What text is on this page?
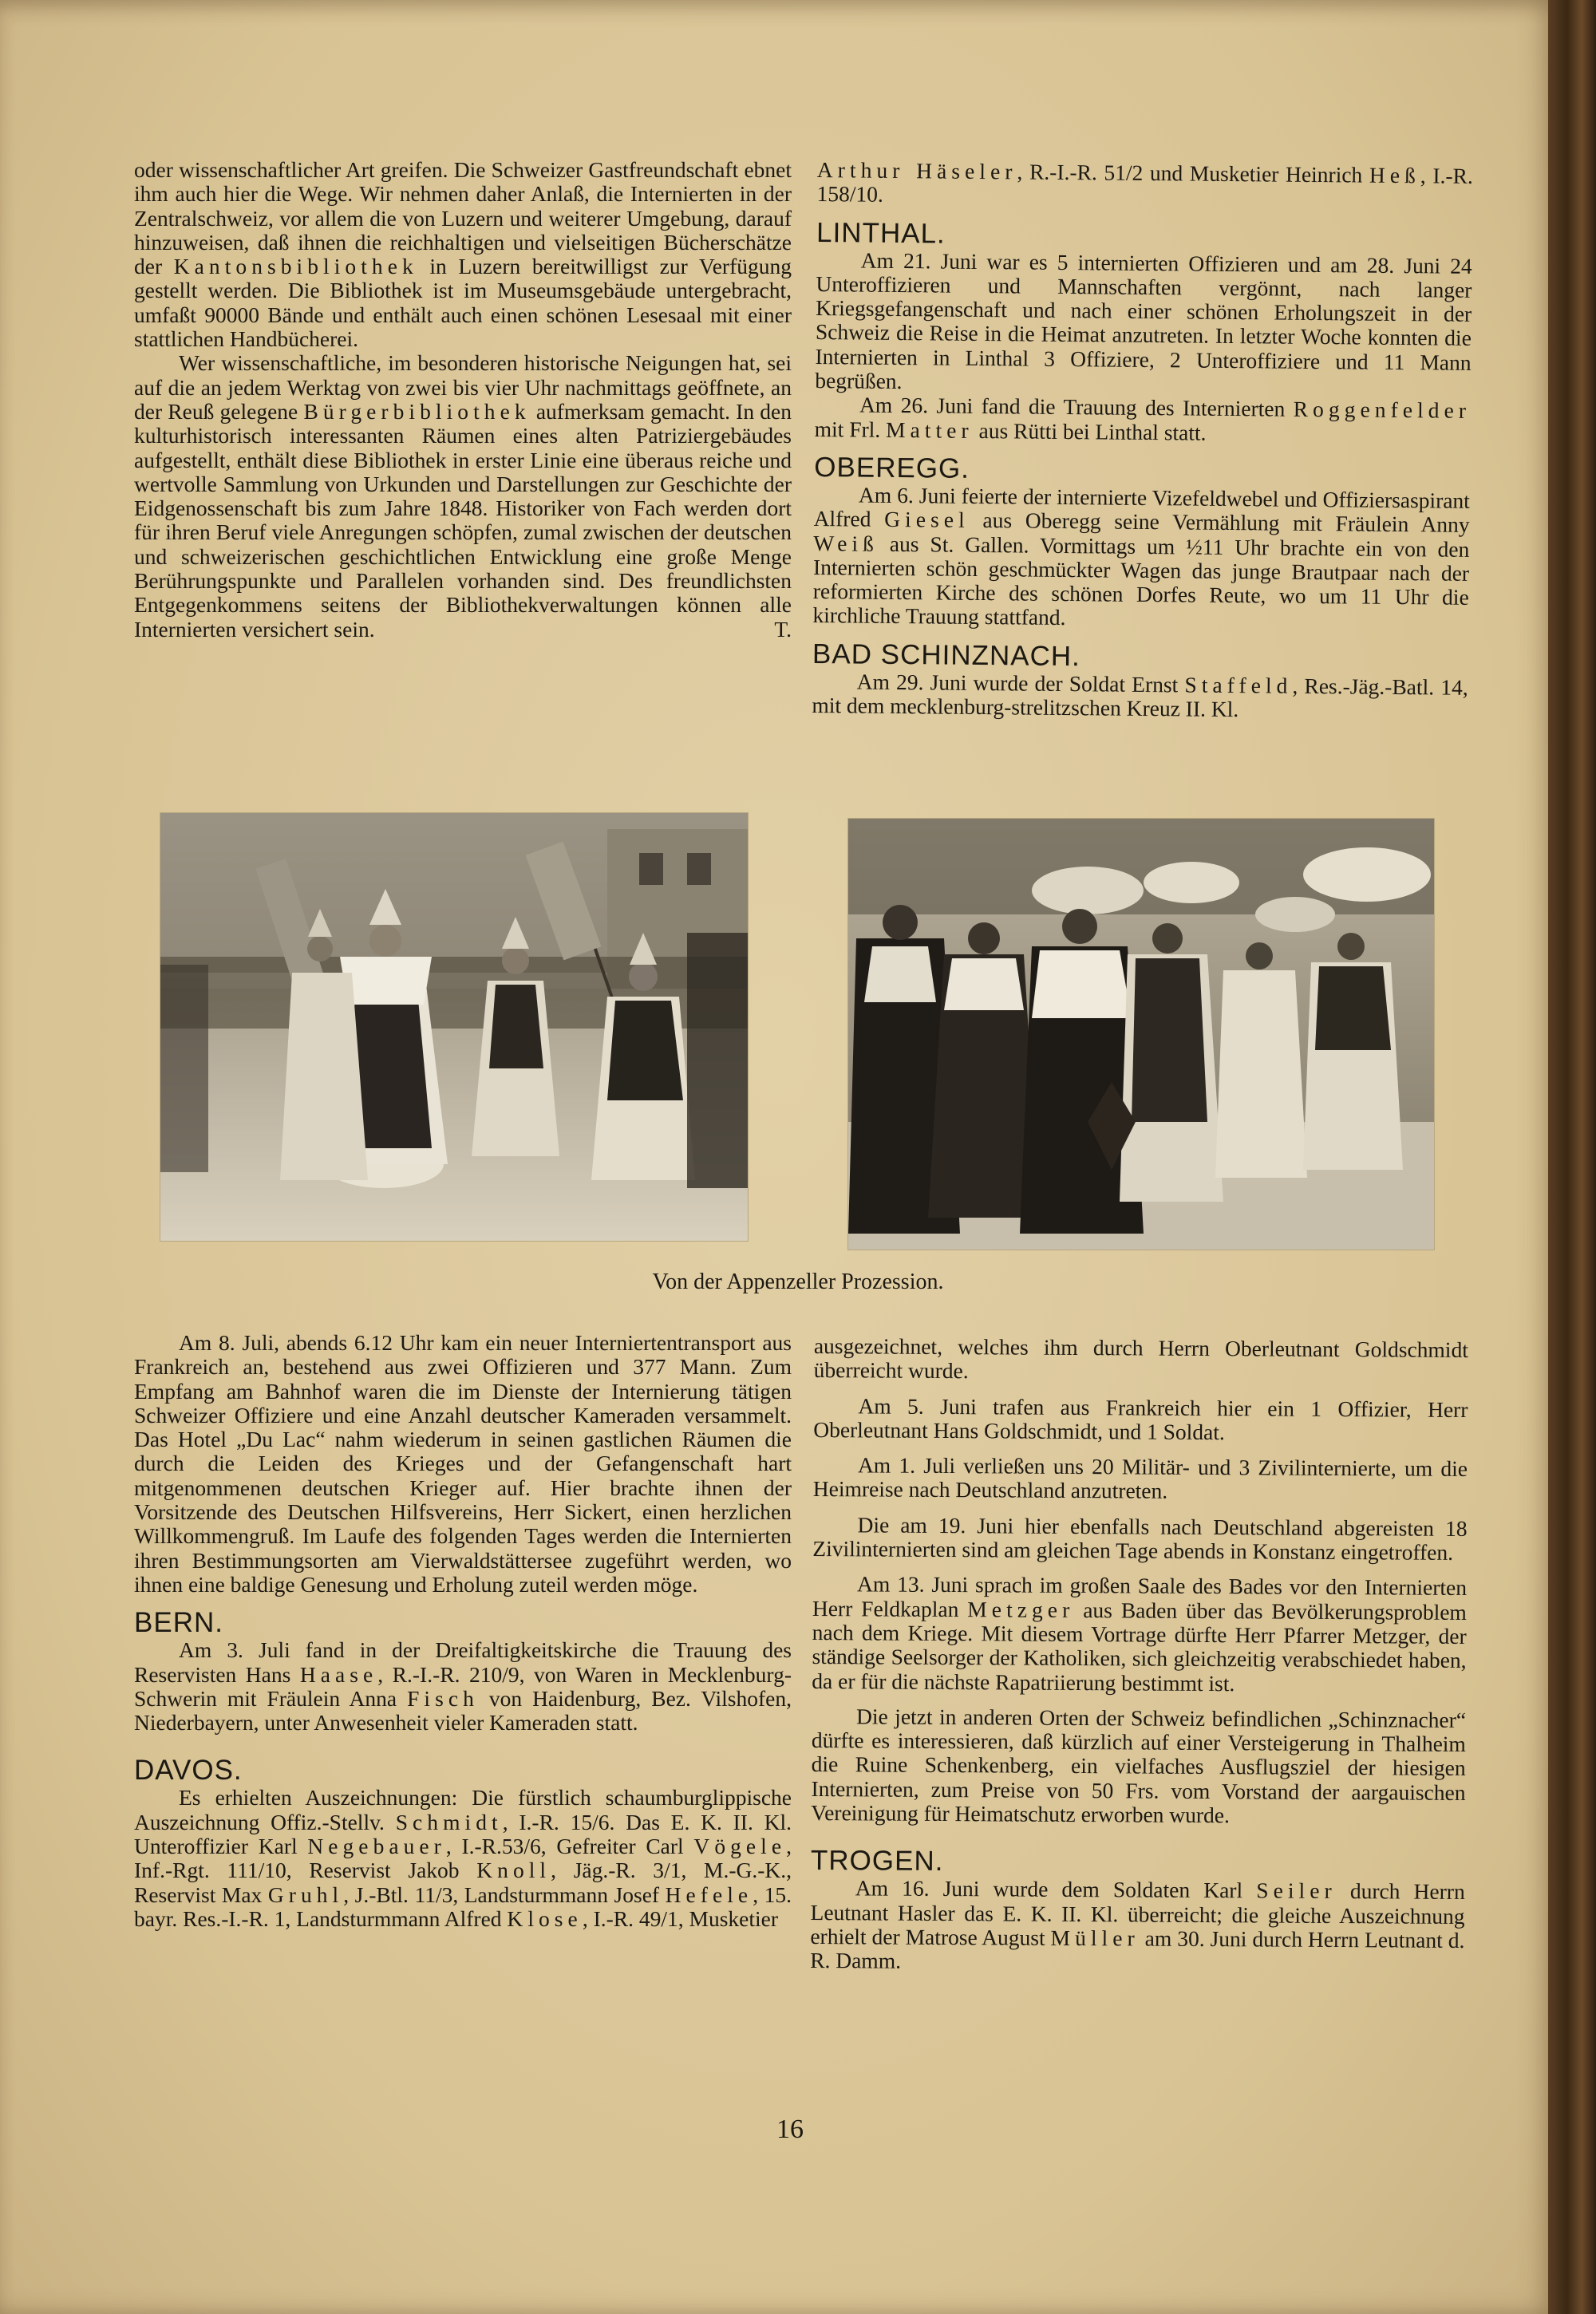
oder wissenschaftlicher Art greifen. Die Schweizer Gastfreundschaft ebnet ihm auch hier die Wege. Wir nehmen daher Anlaß, die Internierten in der Zentralschweiz, vor allem die von Luzern und weiterer Umgebung, darauf hinzuweisen, daß ihnen die reichhaltigen und vielseitigen Bücherschätze der Kantonsbibliothek in Luzern bereitwilligst zur Verfügung gestellt werden. Die Bibliothek ist im Museumsgebäude untergebracht, umfaßt 90000 Bände und enthält auch einen schönen Lesesaal mit einer stattlichen Handbücherei.

Wer wissenschaftliche, im besonderen historische Neigungen hat, sei auf die an jedem Werktag von zwei bis vier Uhr nachmittags geöffnete, an der Reuß gelegene Bürgerbibliothek aufmerksam gemacht. In den kulturhistorisch interessanten Räumen eines alten Patriziergebäudes aufgestellt, enthält diese Bibliothek in erster Linie eine überaus reiche und wertvolle Sammlung von Urkunden und Darstellungen zur Geschichte der Eidgenossenschaft bis zum Jahre 1848. Historiker von Fach werden dort für ihren Beruf viele Anregungen schöpfen, zumal zwischen der deutschen und schweizerischen geschichtlichen Entwicklung eine große Menge Berührungspunkte und Parallelen vorhanden sind. Des freundlichsten Entgegenkommens seitens der Bibliothekverwaltungen können alle Internierten versichert sein.	T.

Arthur Häseler, R.-I.-R. 51/2 und Musketier Heinrich Heß, I.-R. 158/10.

LINTHAL.

Am 21. Juni war es 5 internierten Offizieren und am 28. Juni 24 Unteroffizieren und Mannschaften vergönnt, nach langer Kriegsgefangenschaft und nach einer schönen Erholungszeit in der Schweiz die Reise in die Heimat anzutreten. In letzter Woche konnten die Internierten in Linthal 3 Offiziere, 2 Unteroffiziere und 11 Mann begrüßen.

Am 26. Juni fand die Trauung des Internierten Roggenfelder mit Frl. Matter aus Rütti bei Linthal statt.

OBEREGG.

Am 6. Juni feierte der internierte Vizefeldwebel und Offiziersaspirant Alfred Giesel aus Oberegg seine Vermählung mit Fräulein Anny Weiß aus St. Gallen. Vormittags um ½11 Uhr brachte ein von den Internierten schön geschmückter Wagen das junge Brautpaar nach der reformierten Kirche des schönen Dorfes Reute, wo um 11 Uhr die kirchliche Trauung stattfand.

BAD SCHINZNACH.

Am 29. Juni wurde der Soldat Ernst Staffeld, Res.-Jäg.-Batl. 14, mit dem mecklenburg-strelitzschen Kreuz II. Kl.

Von der Appenzeller Prozession.

Am 8. Juli, abends 6.12 Uhr kam ein neuer Interniertentransport aus Frankreich an, bestehend aus zwei Offizieren und 377 Mann. Zum Empfang am Bahnhof waren die im Dienste der Internierung tätigen Schweizer Offiziere und eine Anzahl deutscher Kameraden versammelt. Das Hotel „Du Lac“ nahm wiederum in seinen gastlichen Räumen die durch die Leiden des Krieges und der Gefangenschaft hart mitgenommenen deutschen Krieger auf. Hier brachte ihnen der Vorsitzende des Deutschen Hilfsvereins, Herr Sickert, einen herzlichen Willkommengruß. Im Laufe des folgenden Tages werden die Internierten ihren Bestimmungsorten am Vierwaldstättersee zugeführt werden, wo ihnen eine baldige Genesung und Erholung zuteil werden möge.

BERN.

Am 3. Juli fand in der Dreifaltigkeitskirche die Trauung des Reservisten Hans Haase, R.-I.-R. 210/9, von Waren in Mecklenburg-Schwerin mit Fräulein Anna Fisch von Haidenburg, Bez. Vilshofen, Niederbayern, unter Anwesenheit vieler Kameraden statt.

DAVOS.

Es erhielten Auszeichnungen: Die fürstlich schaumburglippische Auszeichnung Offiz.-Stellv. Schmidt, I.-R. 15/6. Das E. K. II. Kl. Unteroffizier Karl Negebauer, I.-R.53/6, Gefreiter Carl Vögele, Inf.-Rgt. 111/10, Reservist Jakob Knoll, Jäg.-R. 3/1, M.-G.-K., Reservist Max Gruhl, J.-Btl. 11/3, Landsturmmann Josef Hefele, 15. bayr. Res.-I.-R. 1, Landsturmmann Alfred Klose, I.-R. 49/1, Musketier

ausgezeichnet, welches ihm durch Herrn Oberleutnant Goldschmidt überreicht wurde.

Am 5. Juni trafen aus Frankreich hier ein 1 Offizier, Herr Oberleutnant Hans Goldschmidt, und 1 Soldat.

Am 1. Juli verließen uns 20 Militär- und 3 Zivilinternierte, um die Heimreise nach Deutschland anzutreten.

Die am 19. Juni hier ebenfalls nach Deutschland abgereisten 18 Zivilinternierten sind am gleichen Tage abends in Konstanz eingetroffen.

Am 13. Juni sprach im großen Saale des Bades vor den Internierten Herr Feldkaplan Metzger aus Baden über das Bevölkerungsproblem nach dem Kriege. Mit diesem Vortrage dürfte Herr Pfarrer Metzger, der ständige Seelsorger der Katholiken, sich gleichzeitig verabschiedet haben, da er für die nächste Rapatriierung bestimmt ist.

Die jetzt in anderen Orten der Schweiz befindlichen „Schinznacher“ dürfte es interessieren, daß kürzlich auf einer Versteigerung in Thalheim die Ruine Schenkenberg, ein vielfaches Ausflugsziel der hiesigen Internierten, zum Preise von 50 Frs. vom Vorstand der aargauischen Vereinigung für Heimatschutz erworben wurde.

TROGEN.

Am 16. Juni wurde dem Soldaten Karl Seiler durch Herrn Leutnant Hasler das E. K. II. Kl. überreicht; die gleiche Auszeichnung erhielt der Matrose August Müller am 30. Juni durch Herrn Leutnant d. R. Damm.

16
